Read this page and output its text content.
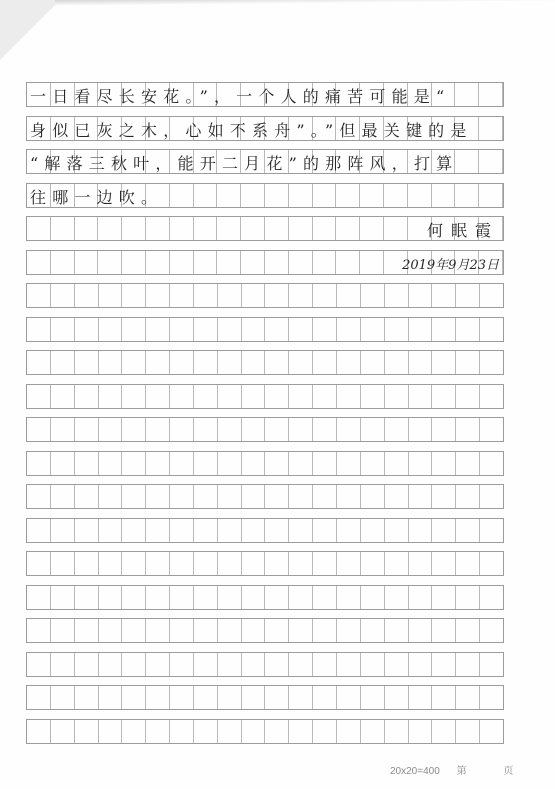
一日看尽长安花。”，一个人的痛苦可能是“
身似已灰之木，心如不系舟”。”但最关键的是
“解落三秋叶，能开二月花”的那阵风，打算
往哪一边吹。
何眠霞
2019年9月23日
20x20=400 第	页
